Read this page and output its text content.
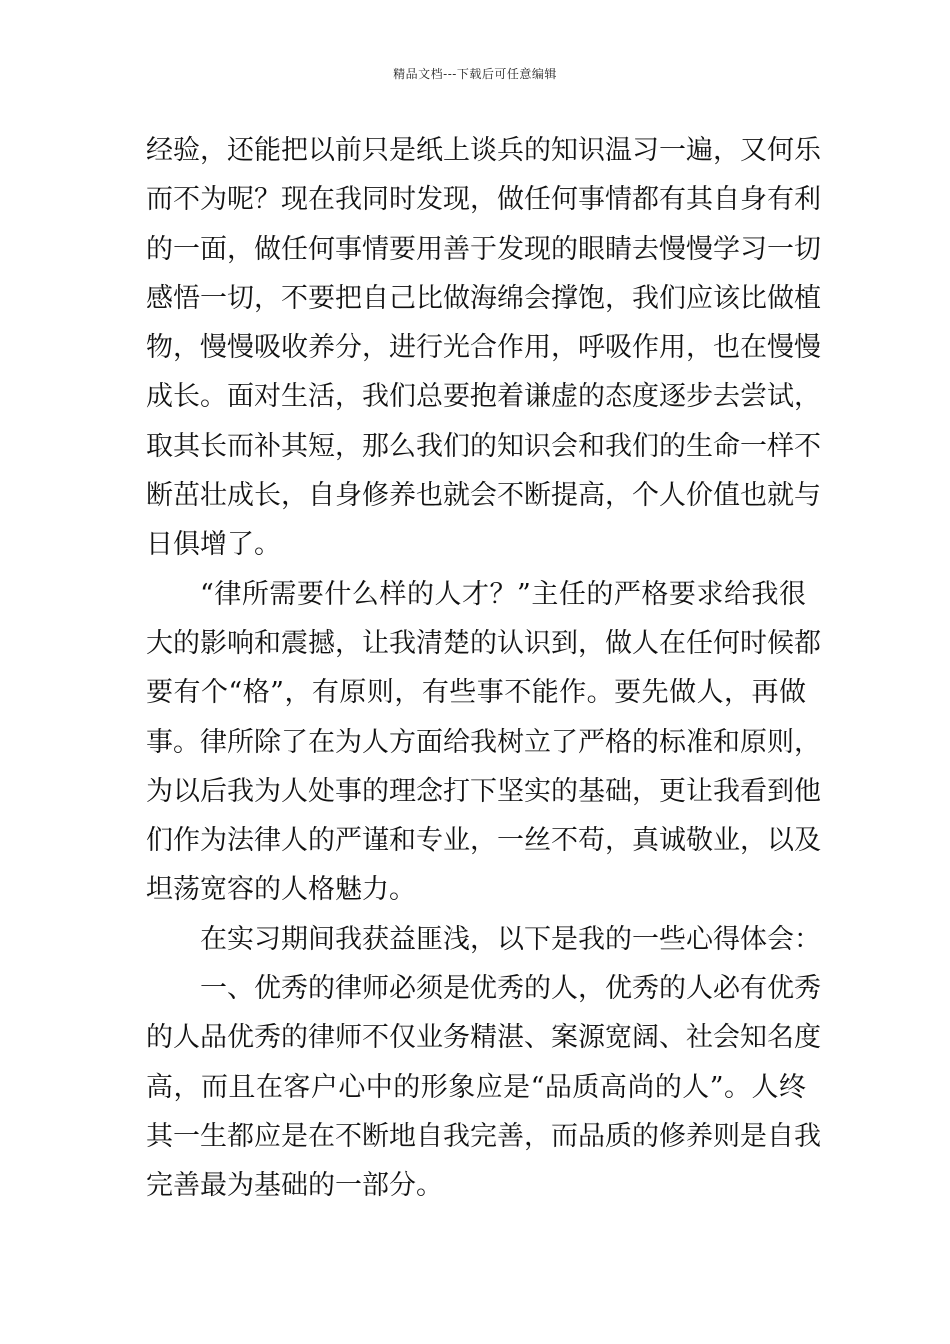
精品文档---下载后可任意编辑
经验，还能把以前只是纸上谈兵的知识温习一遍，又何乐
而不为呢？现在我同时发现，做任何事情都有其自身有利
的一面，做任何事情要用善于发现的眼睛去慢慢学习一切
感悟一切，不要把自己比做海绵会撑饱，我们应该比做植
物，慢慢吸收养分，进行光合作用，呼吸作用，也在慢慢
成长。面对生活，我们总要抱着谦虚的态度逐步去尝试，
取其长而补其短，那么我们的知识会和我们的生命一样不
断茁壮成长，自身修养也就会不断提高，个人价值也就与
日俱增了。
“律所需要什么样的人才？”主任的严格要求给我很
大的影响和震撼，让我清楚的认识到，做人在任何时候都
要有个“格”，有原则，有些事不能作。要先做人，再做
事。律所除了在为人方面给我树立了严格的标准和原则，
为以后我为人处事的理念打下坚实的基础，更让我看到他
们作为法律人的严谨和专业，一丝不苟，真诚敬业，以及
坦荡宽容的人格魅力。
在实习期间我获益匪浅，以下是我的一些心得体会：
一、优秀的律师必须是优秀的人，优秀的人必有优秀
的人品优秀的律师不仅业务精湛、案源宽阔、社会知名度
高，而且在客户心中的形象应是“品质高尚的人”。人终
其一生都应是在不断地自我完善，而品质的修养则是自我
完善最为基础的一部分。
